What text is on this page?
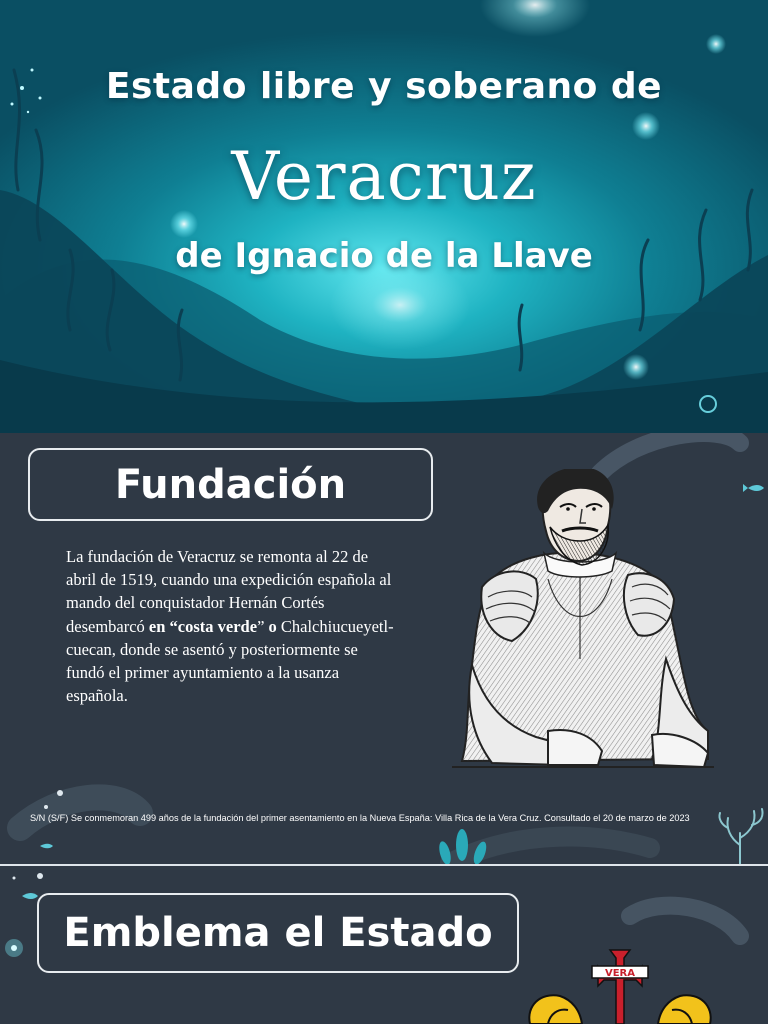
Estado libre y soberano de
Veracruz
de Ignacio de la Llave
Fundación

La fundación de Veracruz se remonta al 22 de abril de 1519, cuando una expedición española al mando del conquistador Hernán Cortés desembarcó en “costa verde” o Chalchiucueyetl-cuecan, donde se asentó y posteriormente se fundó el primer ayuntamiento a la usanza española.

S/N (S/F) Se conmemoran 499 años de la fundación del primer asentamiento en la Nueva España: Villa Rica de la Vera Cruz. Consultado el 20 de marzo de 2023

Emblema el Estado
VERA
